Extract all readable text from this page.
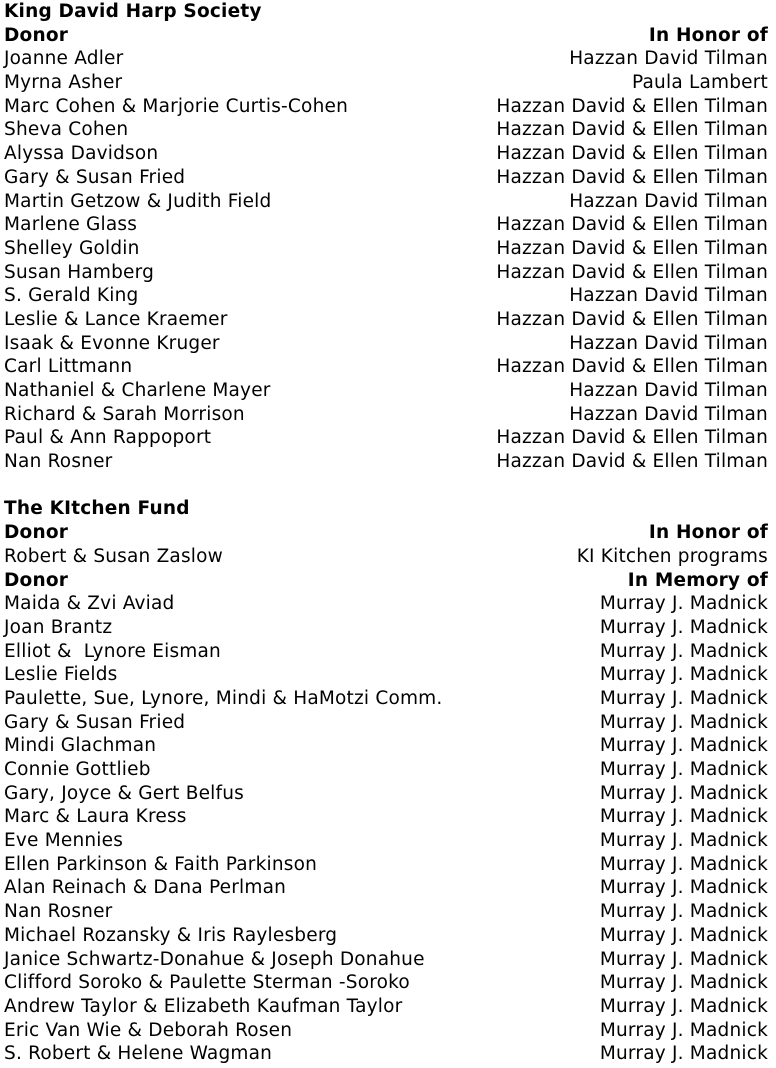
King David Harp Society
Donor	In Honor of
Joanne Adler	Hazzan David Tilman
Myrna Asher	Paula Lambert
Marc Cohen & Marjorie Curtis-Cohen	Hazzan David & Ellen Tilman
Sheva Cohen	Hazzan David & Ellen Tilman
Alyssa Davidson	Hazzan David & Ellen Tilman
Gary & Susan Fried	Hazzan David & Ellen Tilman
Martin Getzow & Judith Field	Hazzan David Tilman
Marlene Glass	Hazzan David & Ellen Tilman
Shelley Goldin	Hazzan David & Ellen Tilman
Susan Hamberg	Hazzan David & Ellen Tilman
S. Gerald King	Hazzan David Tilman
Leslie & Lance Kraemer	Hazzan David & Ellen Tilman
Isaak & Evonne Kruger	Hazzan David Tilman
Carl Littmann	Hazzan David & Ellen Tilman
Nathaniel & Charlene Mayer	Hazzan David Tilman
Richard & Sarah Morrison	Hazzan David Tilman
Paul & Ann Rappoport	Hazzan David & Ellen Tilman
Nan Rosner	Hazzan David & Ellen Tilman
The KItchen Fund
Donor	In Honor of
Robert & Susan Zaslow	KI Kitchen programs
Donor	In Memory of
Maida & Zvi Aviad	Murray J. Madnick
Joan Brantz	Murray J. Madnick
Elliot &  Lynore Eisman	Murray J. Madnick
Leslie Fields	Murray J. Madnick
Paulette, Sue, Lynore, Mindi & HaMotzi Comm.	Murray J. Madnick
Gary & Susan Fried	Murray J. Madnick
Mindi Glachman	Murray J. Madnick
Connie Gottlieb	Murray J. Madnick
Gary, Joyce & Gert Belfus	Murray J. Madnick
Marc & Laura Kress	Murray J. Madnick
Eve Mennies	Murray J. Madnick
Ellen Parkinson & Faith Parkinson	Murray J. Madnick
Alan Reinach & Dana Perlman	Murray J. Madnick
Nan Rosner	Murray J. Madnick
Michael Rozansky & Iris Raylesberg	Murray J. Madnick
Janice Schwartz-Donahue & Joseph Donahue	Murray J. Madnick
Clifford Soroko & Paulette Sterman -Soroko	Murray J. Madnick
Andrew Taylor & Elizabeth Kaufman Taylor	Murray J. Madnick
Eric Van Wie & Deborah Rosen	Murray J. Madnick
S. Robert & Helene Wagman	Murray J. Madnick
